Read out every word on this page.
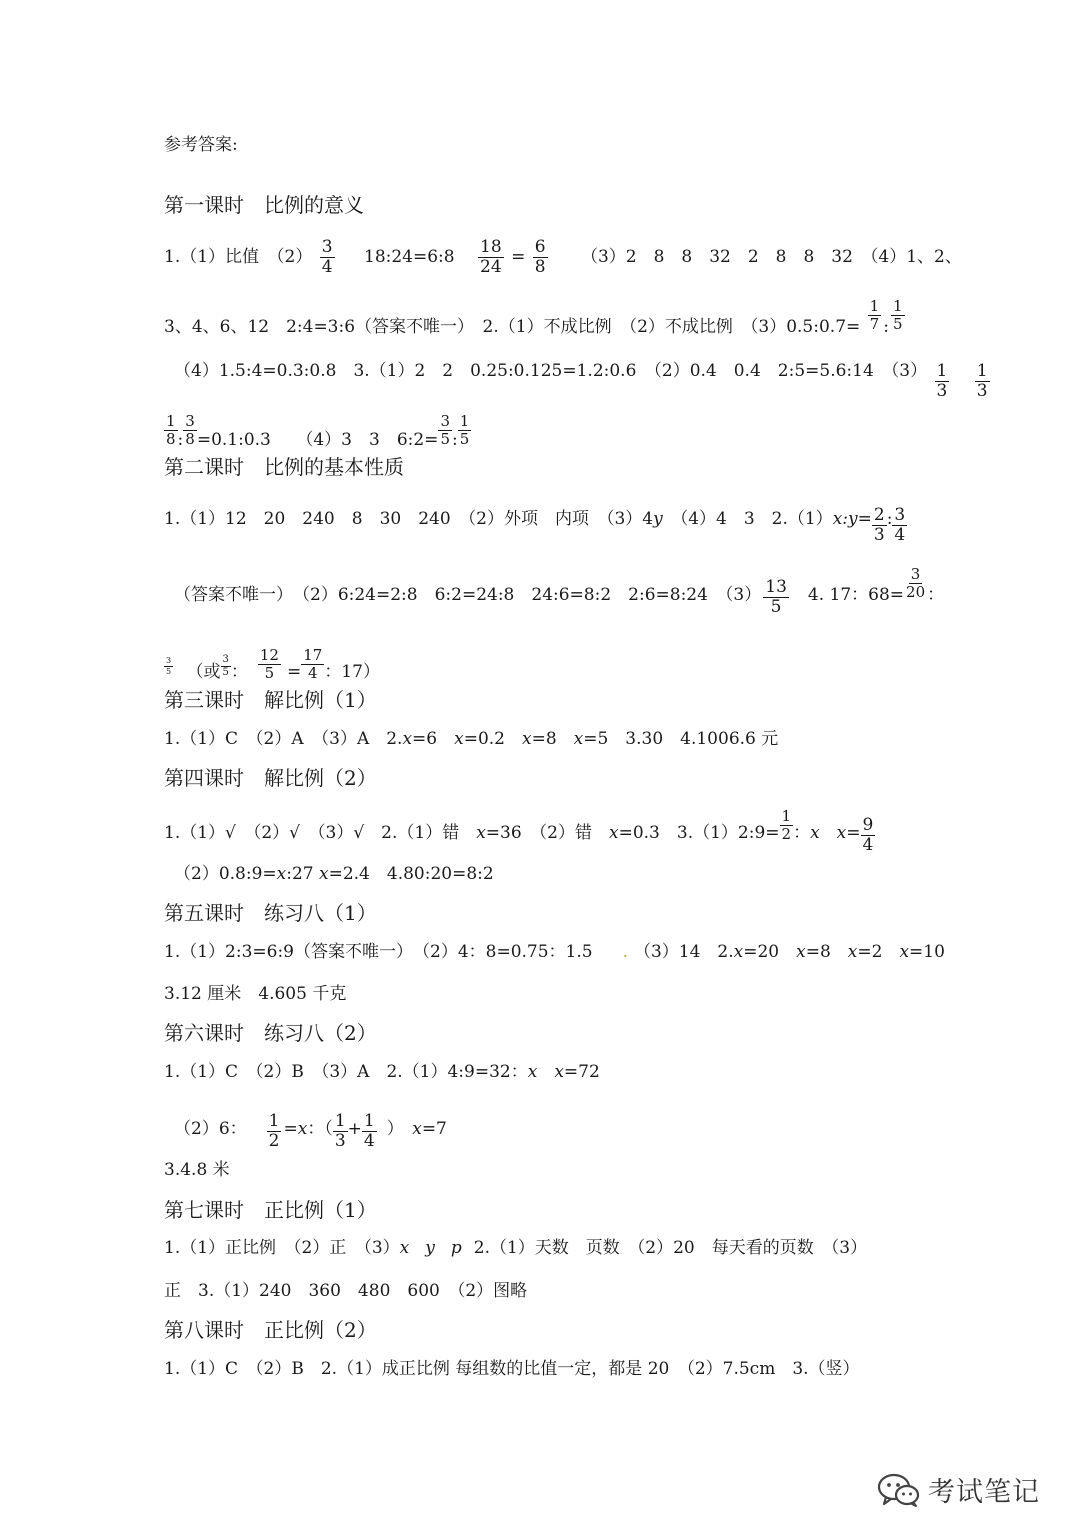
参考答案:
第一课时　比例的意义
1.（1）比值　$(2) \frac{3}{4}$ 18:24=6:8 $\frac{18}{24} = \frac{6}{8} (3)2$　8　8　32　2　8　8　32　（4）1、2、
3、4、6、12　2:4=3:6（答案不唯一）　2.（1）不成比例　（2）不成比例　（3）0.5:0.7= $\frac{1}{7}$ : $\frac{1}{5}$
（4）1.5:4=0.3:0.8　3.（1）2　2　0.25:0.125=1.2:0.6　（2）0.4　0.4　2:5=5.6:14　$(3) \frac{1}{3}$
$\frac{1}{3}$
$\frac{1}{8}$ : $\frac{3}{8}$ =0.1:0.3　　（4）3　3　6:2= $\frac{3}{5}$ : $\frac{1}{5}$
第二课时　比例的基本性质
1.（1）12　20　240　8　30　240　（2）外项　内项　（3）4y　（4）4　3　2.（1）x:y= $\frac{2}{3}$ : $\frac{3}{4}$
（答案不唯一）　（2）6:24=2:8　6:2=24:8　24:6=8:2　2:6=8:24　$(3) \frac{13}{5}$ 　4. 17：$68= \frac{3}{20}$ ：
$\frac{3}{5}$ （或 $\frac{3}{5}$ ： $\frac{12}{5} = \frac{17}{4}$ ：17）
第三课时　解比例（1）
1.（1）C　（2）A　（3）A　2.x=6　x=0.2　x=8　x=5　3.30　4.1006.6 元
第四课时　解比例（2）
1.（1）√　（2）√　（3）√　2.（1）错　x=36　（2）错　x=0.3　3.（1）2:9= $\frac{1}{2}$ ：x　 $x= \frac{9}{4}$
（2）0.8:9=x:27 x=2.4　4.80:20=8:2
第五课时　练习八（1）
1.（1）2:3=6:9（答案不唯一）　（2）4：8=0.75：1.5 . （3）14　2.x=20　x=8　x=2　x=10
3.12 厘米　4.605 千克
第六课时　练习八（2）
1.（1）C　（2）B　（3）A　2.（1）4:9=32：x　 x=72
（2）6： $\frac{1}{2} =x$：（ $\frac{1}{3} + \frac{1}{4}$ ）　x=7
3.4.8 米
第七课时　正比例（1）
1.（1）正比例　（2）正　（3）x y p 2.（1）天数　页数　（2）20　每天看的页数　（3）
正　3.（1）240　360　480　600　（2）图略
第八课时　正比例（2）
1.（1）C　（2）B　2.（1）成正比例 每组数的比值一定，都是 20　（2）7.5cm　3.（竖）
考试笔记
